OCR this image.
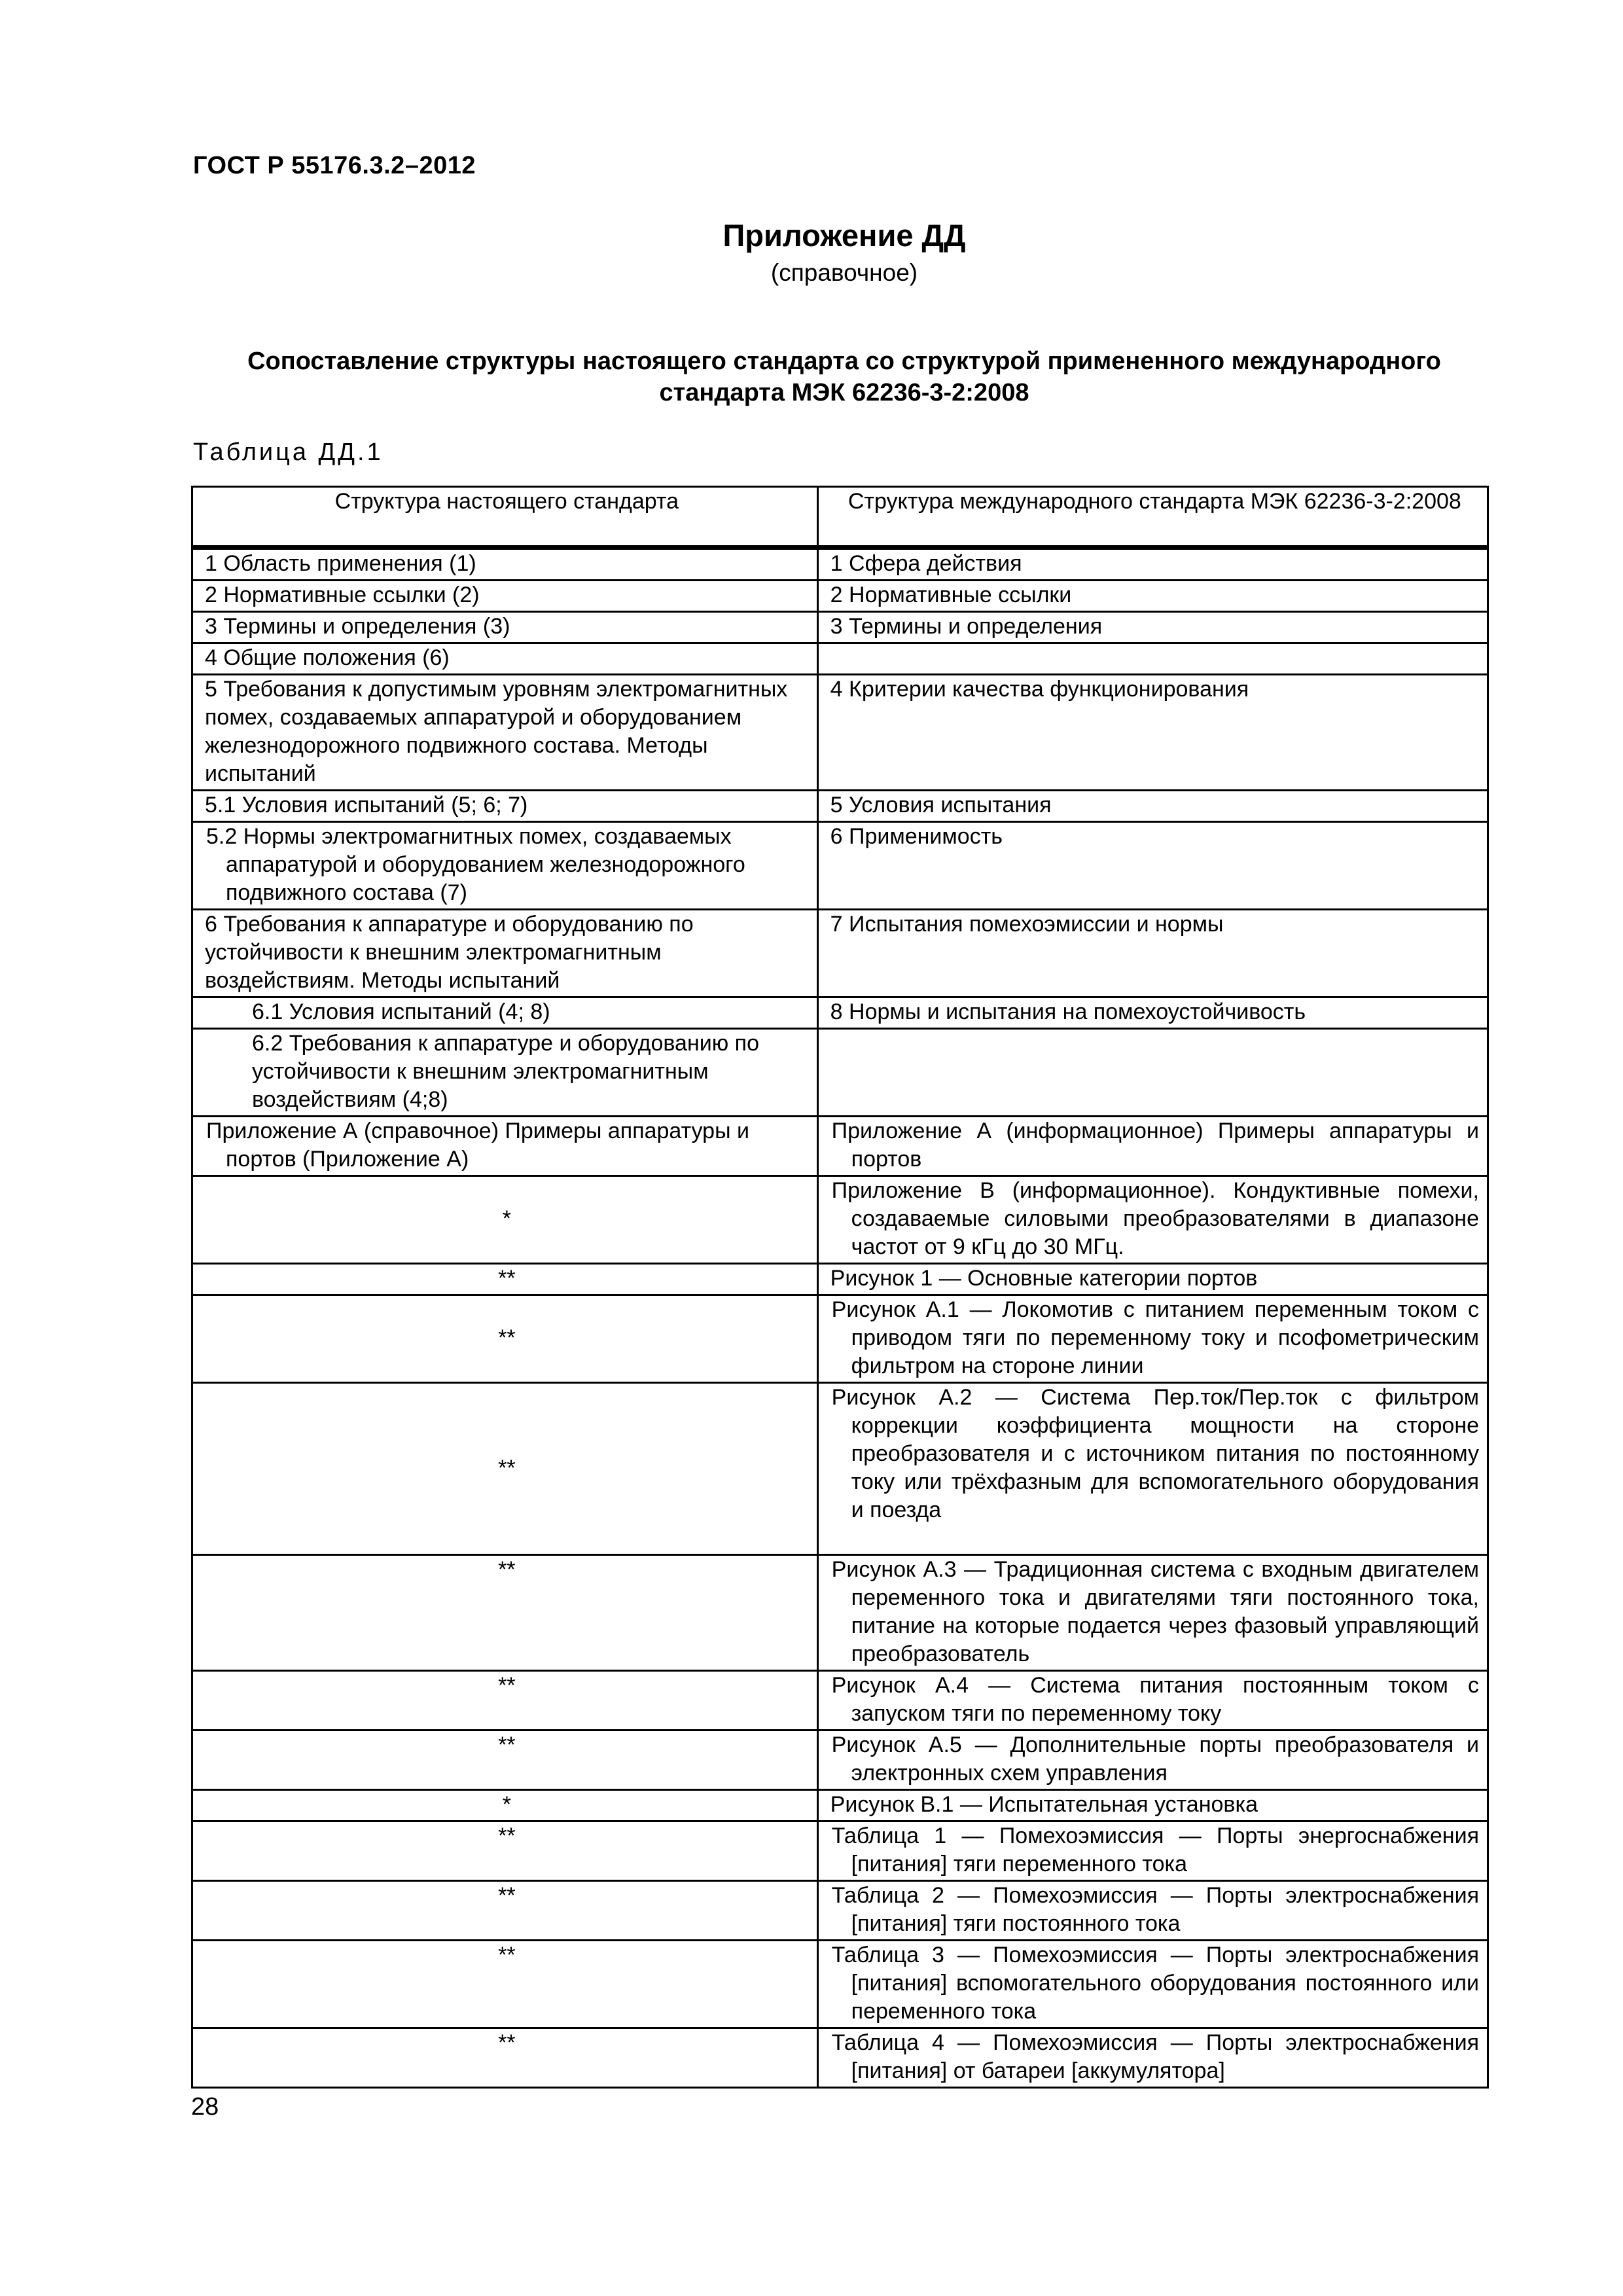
ГОСТ Р 55176.3.2–2012
Приложение ДД
(справочное)
Сопоставление структуры настоящего стандарта со структурой примененного международного стандарта МЭК 62236-3-2:2008
Таблица ДД.1
Структура настоящего стандарта	Структура международного стандарта МЭК 62236-3-2:2008
1 Область применения (1)	1 Сфера действия
2 Нормативные ссылки (2)	2 Нормативные ссылки
3 Термины и определения (3)	3 Термины и определения
4 Общие положения (6)	
5 Требования к допустимым уровням электромагнитных помех, создаваемых аппаратурой и оборудованием железнодорожного подвижного состава. Методы испытаний	4 Критерии качества функционирования
5.1 Условия испытаний (5; 6; 7)	5 Условия испытания
5.2 Нормы электромагнитных помех, создаваемых аппаратурой и оборудованием железнодорожного подвижного состава (7)	6 Применимость
6 Требования к аппаратуре и оборудованию по устойчивости к внешним электромагнитным воздействиям. Методы испытаний	7 Испытания помехоэмиссии и нормы
6.1 Условия испытаний (4; 8)	8 Нормы и испытания на помехоустойчивость
6.2 Требования к аппаратуре и оборудованию по устойчивости к внешним электромагнитным воздействиям (4;8)	
Приложение А (справочное) Примеры аппаратуры и портов (Приложение А)	Приложение А (информационное) Примеры аппаратуры и портов
*	Приложение В (информационное). Кондуктивные помехи, создаваемые силовыми преобразователями в диапазоне частот от 9 кГц до 30 МГц.
**	Рисунок 1 — Основные категории портов
**	Рисунок А.1 — Локомотив с питанием переменным током с приводом тяги по переменному току и псофометрическим фильтром на стороне линии
**	Рисунок А.2 — Система Пер.ток/Пер.ток с фильтром коррекции коэффициента мощности на стороне преобразователя и с источником питания по постоянному току или трёхфазным для вспомогательного оборудования и поезда
**	Рисунок А.3 — Традиционная система с входным двигателем переменного тока и двигателями тяги постоянного тока, питание на которые подается через фазовый управляющий преобразователь
**	Рисунок А.4 — Система питания постоянным током с запуском тяги по переменному току
**	Рисунок А.5 — Дополнительные порты преобразователя и электронных схем управления
*	Рисунок В.1 — Испытательная установка
**	Таблица 1 — Помехоэмиссия — Порты энергоснабжения [питания] тяги переменного тока
**	Таблица 2 — Помехоэмиссия — Порты электроснабжения [питания] тяги постоянного тока
**	Таблица 3 — Помехоэмиссия — Порты электроснабжения [питания] вспомогательного оборудования постоянного или переменного тока
**	Таблица 4 — Помехоэмиссия — Порты электроснабжения [питания] от батареи [аккумулятора]
28
